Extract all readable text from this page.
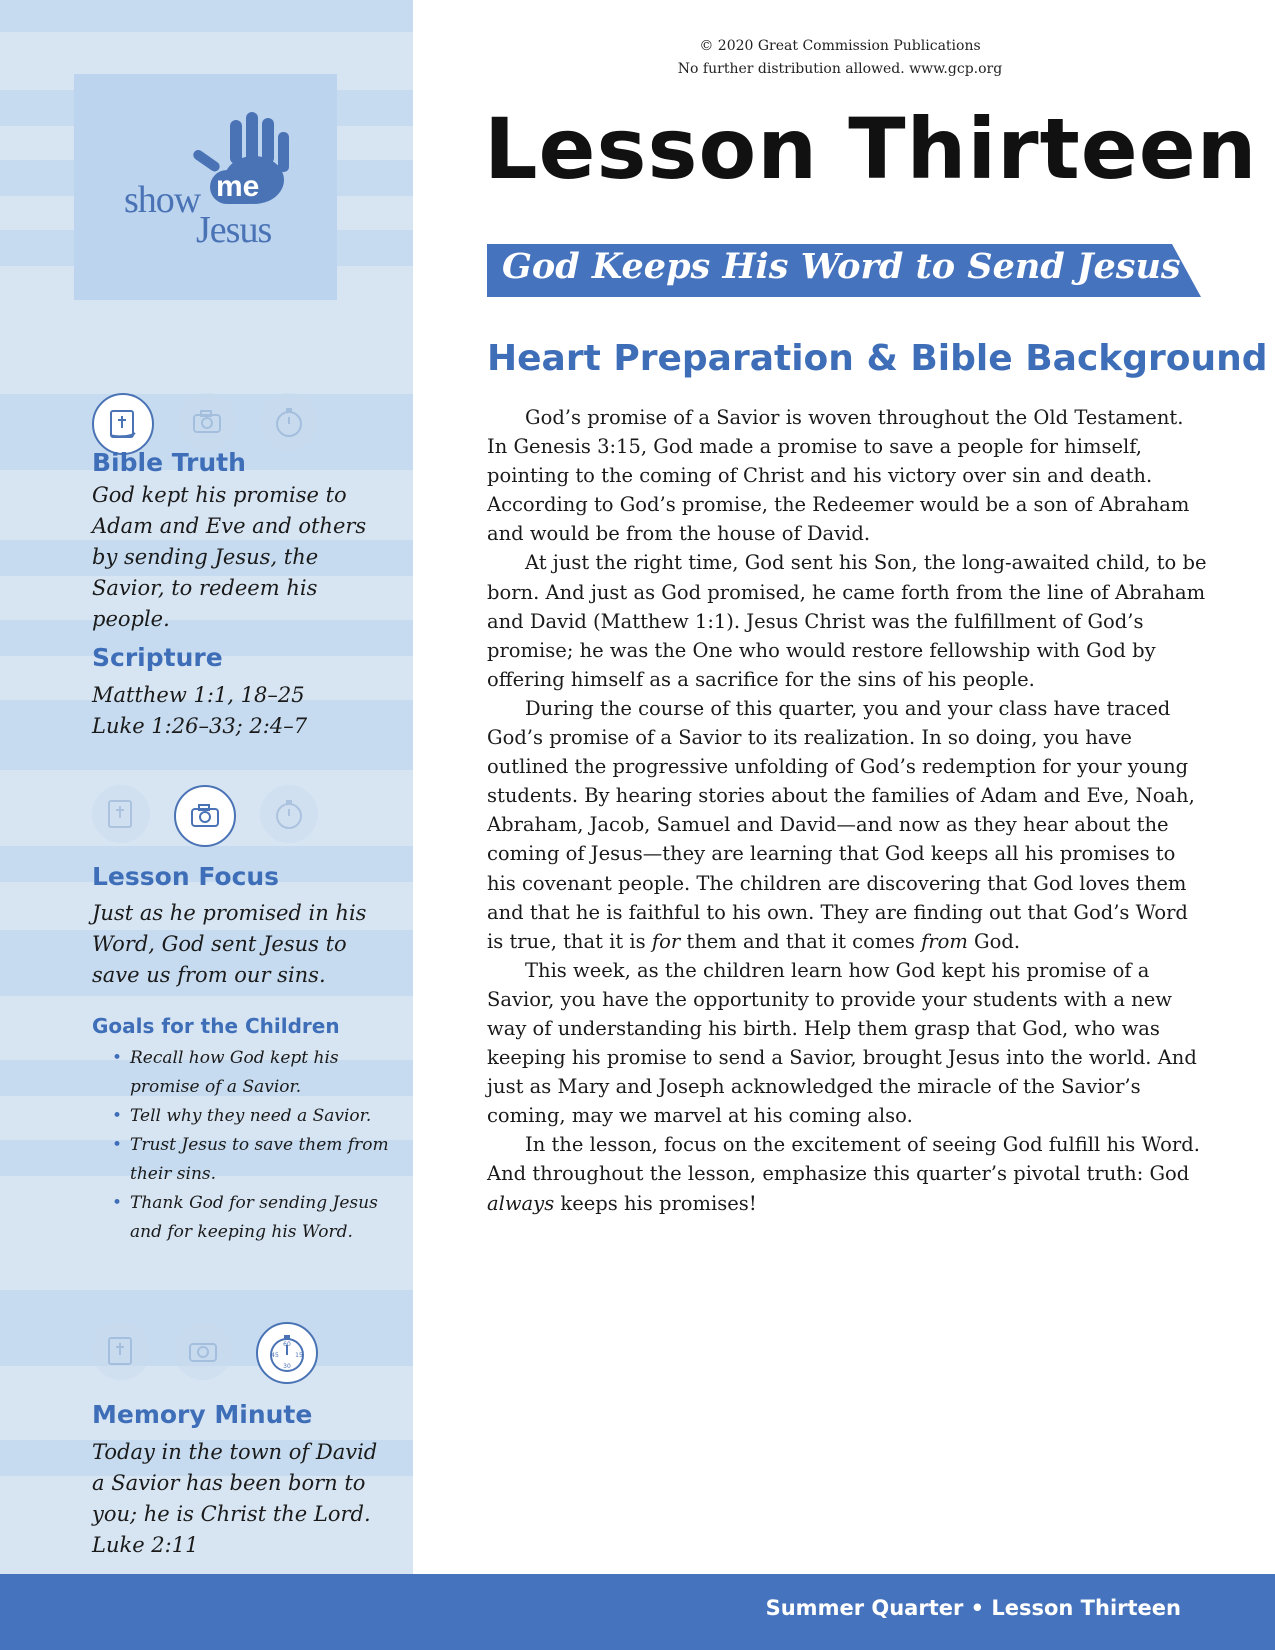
show me
Jesus
Bible Truth

God kept his promise to Adam and Eve and others by sending Jesus, the Savior, to redeem his people.

Scripture

Matthew 1:1, 18–25

Luke 1:26–33; 2:4–7

Lesson Focus

Just as he promised in his Word, God sent Jesus to save us from our sins.

Goals for the Children
• Recall how God kept his promise of a Savior.
• Tell why they need a Savior.
• Trust Jesus to save them from their sins.
• Thank God for sending Jesus and for keeping his Word.
60
15
30
45
Memory Minute

Today in the town of David a Savior has been born to you; he is Christ the Lord.

Luke 2:11

© 2020 Great Commission Publications
No further distribution allowed. www.gcp.org
Lesson Thirteen
God Keeps His Word to Send Jesus
Heart Preparation & Bible Background

God’s promise of a Savior is woven throughout the Old Testament. In Genesis 3:15, God made a promise to save a people for himself, pointing to the coming of Christ and his victory over sin and death. According to God’s promise, the Redeemer would be a son of Abraham and would be from the house of David.

At just the right time, God sent his Son, the long-awaited child, to be born. And just as God promised, he came forth from the line of Abraham and David (Matthew 1:1). Jesus Christ was the fulfillment of God’s promise; he was the One who would restore fellowship with God by offering himself as a sacrifice for the sins of his people.

During the course of this quarter, you and your class have traced God’s promise of a Savior to its realization. In so doing, you have outlined the progressive unfolding of God’s redemption for your young students. By hearing stories about the families of Adam and Eve, Noah, Abraham, Jacob, Samuel and David—and now as they hear about the coming of Jesus—they are learning that God keeps all his promises to his covenant people. The children are discovering that God loves them and that he is faithful to his own. They are finding out that God’s Word is true, that it is for them and that it comes from God.

This week, as the children learn how God kept his promise of a Savior, you have the opportunity to provide your students with a new way of understanding his birth. Help them grasp that God, who was keeping his promise to send a Savior, brought Jesus into the world. And just as Mary and Joseph acknowledged the miracle of the Savior’s coming, may we marvel at his coming also.

In the lesson, focus on the excitement of seeing God fulfill his Word. And throughout the lesson, emphasize this quarter’s pivotal truth: God always keeps his promises!

Summer Quarter • Lesson Thirteen
